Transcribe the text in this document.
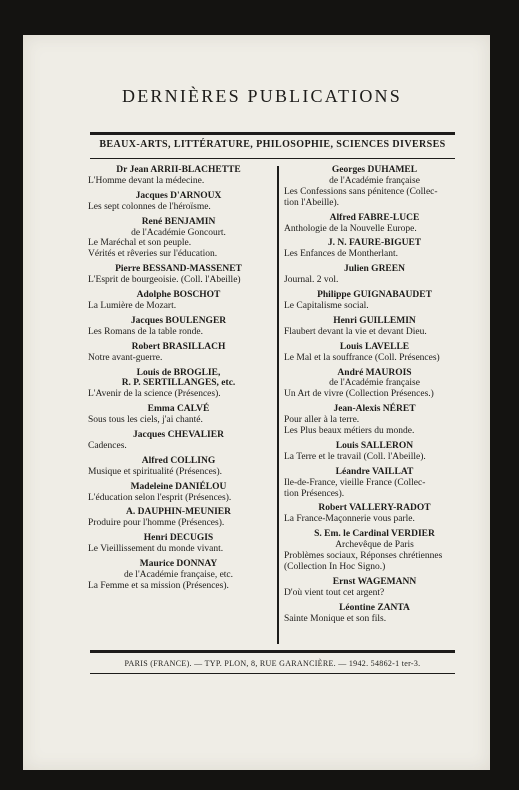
DERNIÈRES PUBLICATIONS
BEAUX-ARTS, LITTÉRATURE, PHILOSOPHIE, SCIENCES DIVERSES
Dr Jean ARRII-BLACHETTE
L'Homme devant la médecine.
Jacques D'ARNOUX
Les sept colonnes de l'héroïsme.
René BENJAMIN
de l'Académie Goncourt.
Le Maréchal et son peuple.
Vérités et rêveries sur l'éducation.
Pierre BESSAND-MASSENET
L'Esprit de bourgeoisie. (Coll. l'Abeille)
Adolphe BOSCHOT
La Lumière de Mozart.
Jacques BOULENGER
Les Romans de la table ronde.
Robert BRASILLACH
Notre avant-guerre.
Louis de BROGLIE,
R. P. SERTILLANGES, etc.
L'Avenir de la science (Présences).
Emma CALVÉ
Sous tous les ciels, j'ai chanté.
Jacques CHEVALIER
Cadences.
Alfred COLLING
Musique et spiritualité (Présences).
Madeleine DANIÉLOU
L'éducation selon l'esprit (Présences).
A. DAUPHIN-MEUNIER
Produire pour l'homme (Présences).
Henri DECUGIS
Le Vieillissement du monde vivant.
Maurice DONNAY
de l'Académie française, etc.
La Femme et sa mission (Présences).
Georges DUHAMEL
de l'Académie française
Les Confessions sans pénitence (Collec-
tion l'Abeille).
Alfred FABRE-LUCE
Anthologie de la Nouvelle Europe.
J. N. FAURE-BIGUET
Les Enfances de Montherlant.
Julien GREEN
Journal. 2 vol.
Philippe GUIGNABAUDET
Le Capitalisme social.
Henri GUILLEMIN
Flaubert devant la vie et devant Dieu.
Louis LAVELLE
Le Mal et la souffrance (Coll. Présences)
André MAUROIS
de l'Académie française
Un Art de vivre (Collection Présences.)
Jean-Alexis NÉRET
Pour aller à la terre.
Les Plus beaux métiers du monde.
Louis SALLERON
La Terre et le travail (Coll. l'Abeille).
Léandre VAILLAT
Ile-de-France, vieille France (Collec-
tion Présences).
Robert VALLERY-RADOT
La France-Maçonnerie vous parle.
S. Em. le Cardinal VERDIER
Archevêque de Paris
Problèmes sociaux, Réponses chrétiennes
(Collection In Hoc Signo.)
Ernst WAGEMANN
D'où vient tout cet argent?
Léontine ZANTA
Sainte Monique et son fils.
PARIS (FRANCE). — TYP. PLON, 8, RUE GARANCIÈRE. — 1942. 54862-1 ter-3.
